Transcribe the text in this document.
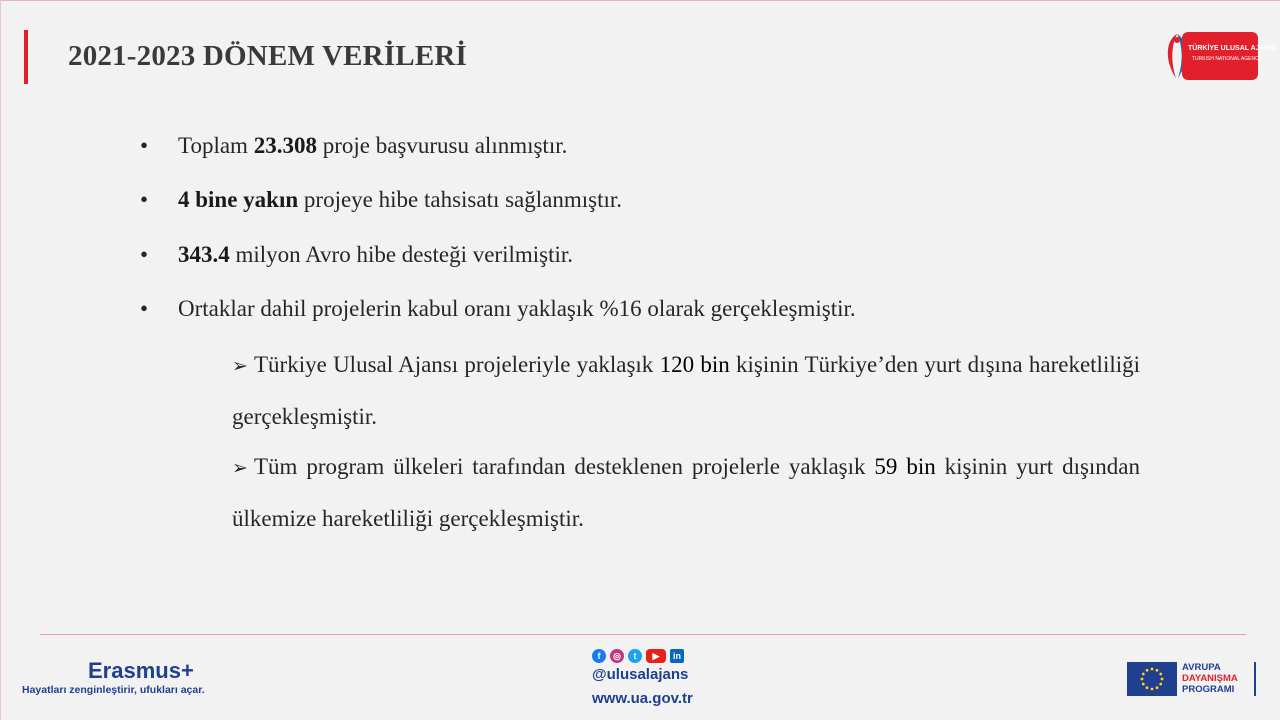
2021-2023 DÖNEM VERİLERİ	TÜRKİYE ULUSAL AJANSI
TURKISH NATIONAL AGENCY
• Toplam 23.308 proje başvurusu alınmıştır.
• 4 bine yakın projeye hibe tahsisatı sağlanmıştır.
• 343.4 milyon Avro hibe desteği verilmiştir.
• Ortaklar dahil projelerin kabul oranı yaklaşık %16 olarak gerçekleşmiştir.
➢ Türkiye Ulusal Ajansı projeleriyle yaklaşık 120 bin kişinin Türkiye’den yurt dışına hareketliliği gerçekleşmiştir.
➢ Tüm program ülkeleri tarafından desteklenen projelerle yaklaşık 59 bin kişinin yurt dışından ülkemize hareketliliği gerçekleşmiştir.
Erasmus+
Hayatları zenginleştirir, ufukları açar.
f	◎	t	▶	in
@ulusalajans
www.ua.gov.tr
AVRUPA
DAYANIŞMA
PROGRAMI
